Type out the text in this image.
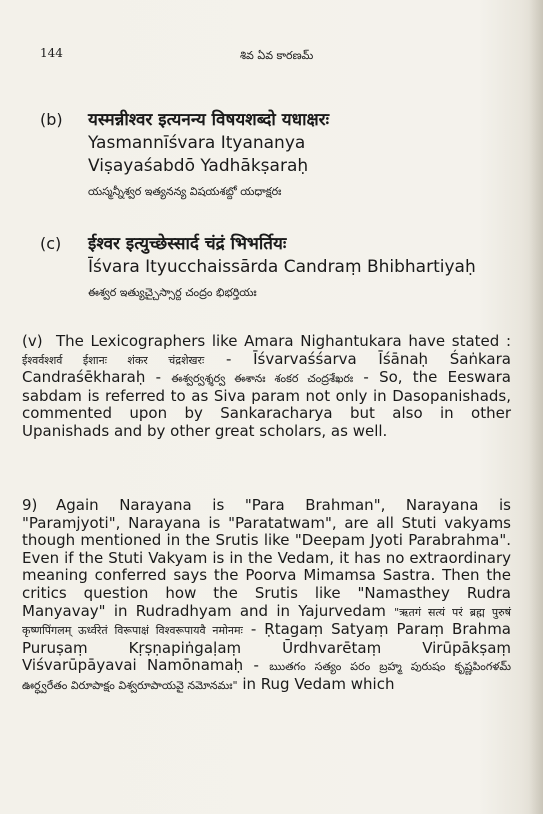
144	శివ ఏవ కారణమ్
(b) यस्मन्नीश्वर इत्यनन्य विषयशब्दो यधाक्षरः
Yasmannīśvara Ityananya
Viṣayaśabdō Yadhākṣaraḥ
యస్మన్నీశ్వర ఇత్యనన్య విషయశబ్దో యధాక్షరః
(c) ईश्वर इत्युच्छेस्सार्द चंद्रं भिभर्तियः
Īśvara Ityucchaissārda Candraṃ Bhibhartiyaḥ
ఈశ్వర ఇత్యుచ్చైస్సార్ద చంద్రం భిభర్తియః

(v) The Lexicographers like Amara Nighantukara have stated : ईश्वर्वश्शर्व ईशानः शंकर चंद्रशेखरः - Īśvarvaśśarva Īśānaḥ Śaṅkara Candraśēkharaḥ - ఈశ్వర్వశ్శర్వ ఈశానః శంకర చంద్రశేఖరః - So, the Eeswara sabdam is referred to as Siva param not only in Dasopanishads, commented upon by Sankaracharya but also in other Upanishads and by other great scholars, as well.

9) Again Narayana is "Para Brahman", Narayana is "Paramjyoti", Narayana is "Paratatwam", are all Stuti vakyams though mentioned in the Srutis like "Deepam Jyoti Parabrahma". Even if the Stuti Vakyam is in the Vedam, it has no extraordinary meaning conferred says the Poorva Mimamsa Sastra. Then the critics question how the Srutis like "Namasthey Rudra Manyavay" in Rudradhyam and in Yajurvedam "ऋतगं सत्यं परं ब्रह्म पुरुषं कृष्णपिंगलम् ऊर्ध्वरेतं विरूपाक्षं विश्वरूपायवै नमोनमः - Ṛtagaṃ Satyaṃ Paraṃ Brahma Puruṣaṃ Kṛṣṇapiṅgaḷaṃ Ūrdhvarētaṃ Virūpākṣaṃ Viśvarūpāyavai Namōnamaḥ - ఋతగం సత్యం పరం బ్రహ్మ పురుషం కృష్ణపింగళమ్ ఊర్ధ్వరేతం విరూపాక్షం విశ్వరూపాయవై నమోనమః" in Rug Vedam which
